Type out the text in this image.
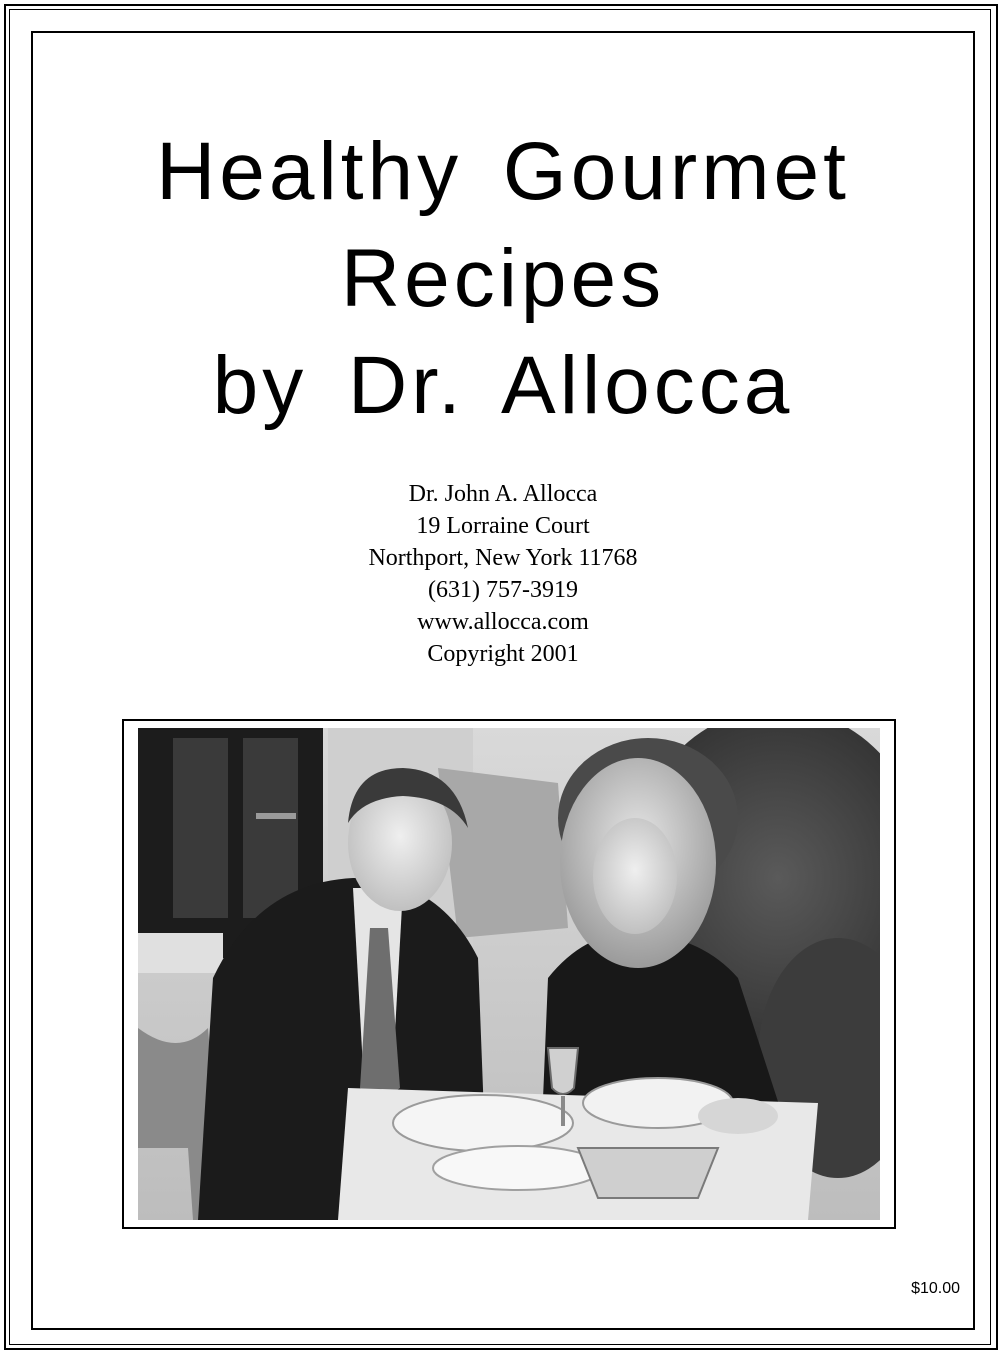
Healthy Gourmet
Recipes
by Dr. Allocca
Dr. John A. Allocca
19 Lorraine Court
Northport, New York 11768
(631) 757-3919
www.allocca.com
Copyright 2001
$10.00
